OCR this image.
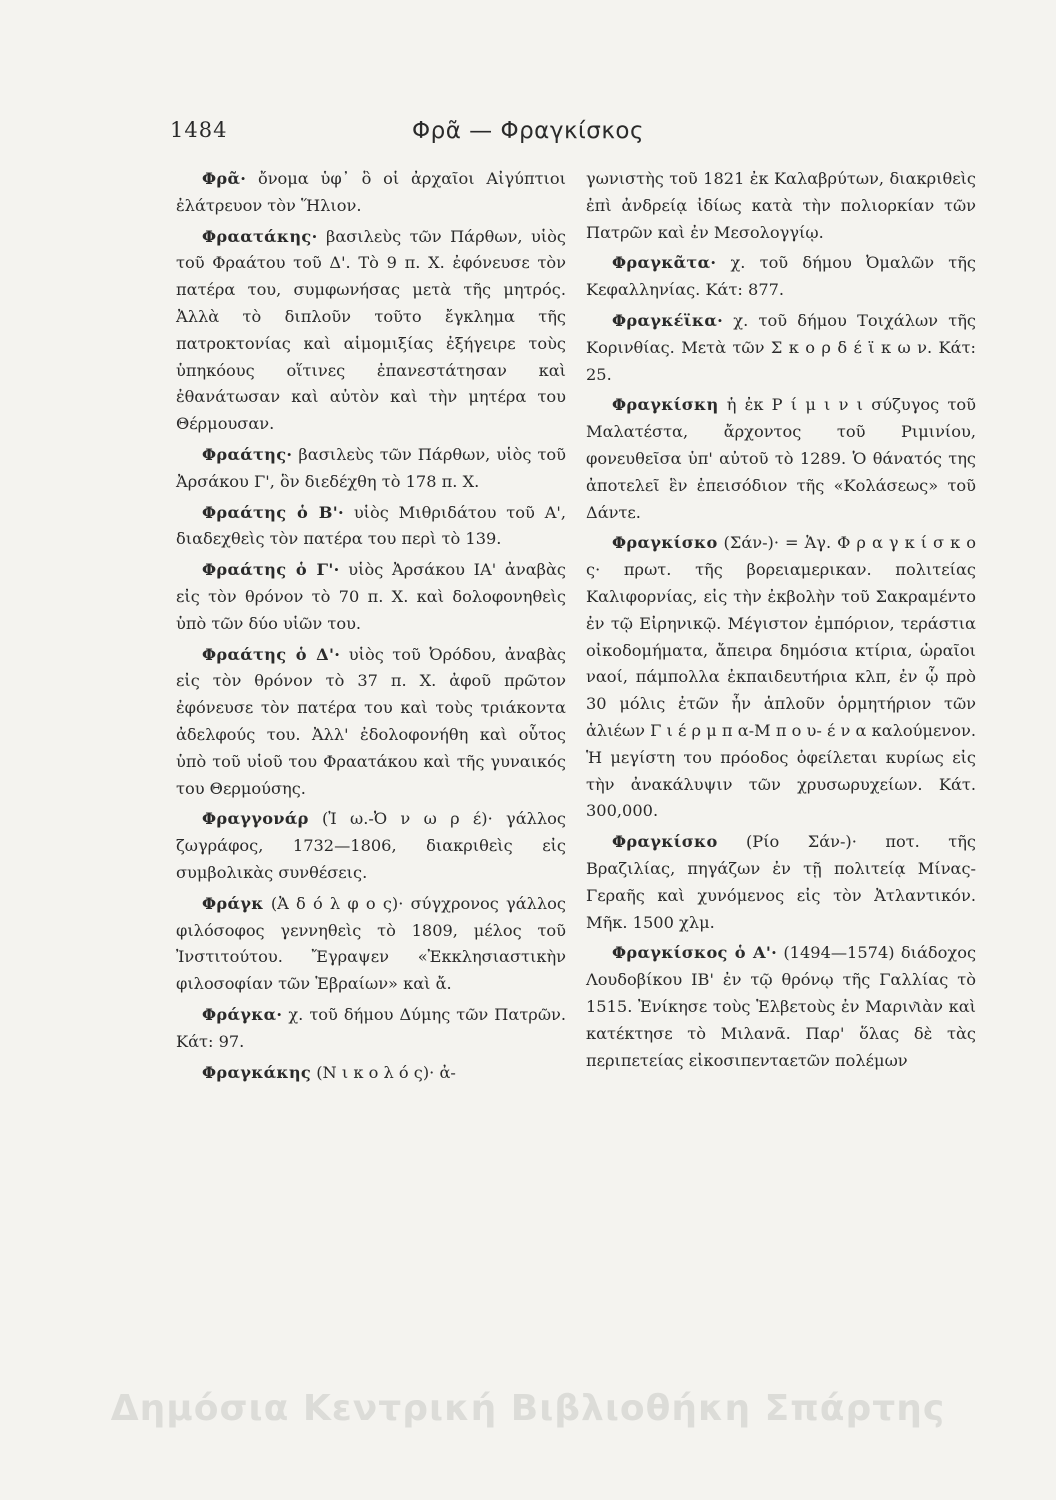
1484	Φρᾶ — Φραγκίσκος

Φρᾶ· ὄνομα ὑφ᾽ ὃ οἱ ἀρχαῖοι Αἰγύπτιοι ἐλάτρευον τὸν Ἥλιον.

Φραατάκης· βασιλεὺς τῶν Πάρθων, υἱὸς τοῦ Φραάτου τοῦ Δ'. Τὸ 9 π. Χ. ἐφόνευσε τὸν πατέρα του, συμφωνήσας μετὰ τῆς μητρός. Ἀλλὰ τὸ διπλοῦν τοῦτο ἔγκλημα τῆς πατροκτονίας καὶ αἱμομιξίας ἐξήγειρε τοὺς ὑπηκόους οἵτινες ἐπανεστάτησαν καὶ ἐθανάτωσαν καὶ αὐτὸν καὶ τὴν μητέρα του Θέρμουσαν.

Φραάτης· βασιλεὺς τῶν Πάρθων, υἱὸς τοῦ Ἀρσάκου Γ', ὃν διεδέχθη τὸ 178 π. Χ.

Φραάτης ὁ Β'· υἱὸς Μιθριδάτου τοῦ Α', διαδεχθεὶς τὸν πατέρα του περὶ τὸ 139.

Φραάτης ὁ Γ'· υἱὸς Ἀρσάκου ΙΑ' ἀναβὰς εἰς τὸν θρόνον τὸ 70 π. Χ. καὶ δολοφονηθεὶς ὑπὸ τῶν δύο υἱῶν του.

Φραάτης ὁ Δ'· υἱὸς τοῦ Ὀρόδου, ἀναβὰς εἰς τὸν θρόνον τὸ 37 π. Χ. ἀφοῦ πρῶτον ἐφόνευσε τὸν πατέρα του καὶ τοὺς τριάκοντα ἀδελφούς του. Ἀλλ' ἐδολοφονήθη καὶ οὗτος ὑπὸ τοῦ υἱοῦ του Φραατάκου καὶ τῆς γυναικός του Θερμούσης.

Φραγγονάρ (Ἰ ω.-Ὀ ν ω ρ έ)· γάλλος ζωγράφος, 1732—1806, διακριθεὶς εἰς συμβολικὰς συνθέσεις.

Φράγκ (Ἀ δ ό λ φ ο ς)· σύγχρονος γάλλος φιλόσοφος γεννηθεὶς τὸ 1809, μέλος τοῦ Ἰνστιτούτου. Ἔγραψεν «Ἐκκλησιαστικὴν φιλοσοφίαν τῶν Ἑβραίων» καὶ ἄ.

Φράγκα· χ. τοῦ δήμου Δύμης τῶν Πατρῶν. Κάτ: 97.

Φραγκάκης (Ν ι κ ο λ ό ς)· ἀ-

γωνιστὴς τοῦ 1821 ἐκ Καλαβρύτων, διακριθεὶς ἐπὶ ἀνδρείᾳ ἰδίως κατὰ τὴν πολιορκίαν τῶν Πατρῶν καὶ ἐν Μεσολογγίῳ.

Φραγκᾶτα· χ. τοῦ δήμου Ὀμαλῶν τῆς Κεφαλληνίας. Κάτ: 877.

Φραγκέϊκα· χ. τοῦ δήμου Τοιχάλων τῆς Κορινθίας. Μετὰ τῶν Σ κ ο ρ δ έ ϊ κ ω ν. Κάτ: 25.

Φραγκίσκη ἡ ἐκ Ρ ί μ ι ν ι σύζυγος τοῦ Μαλατέστα, ἄρχοντος τοῦ Ριμινίου, φονευθεῖσα ὑπ' αὐτοῦ τὸ 1289. Ὁ θάνατός της ἀποτελεῖ ἓν ἐπεισόδιον τῆς «Κολάσεως» τοῦ Δάντε.

Φραγκίσκο (Σάν-)· = Ἁγ. Φ ρ α γ κ ί σ κ ο ς· πρωτ. τῆς βορειαμερικαν. πολιτείας Καλιφορνίας, εἰς τὴν ἐκβολὴν τοῦ Σακραμέντο ἐν τῷ Εἰρηνικῷ. Μέγιστον ἐμπόριον, τεράστια οἰκοδομήματα, ἄπειρα δημόσια κτίρια, ὡραῖοι ναοί, πάμπολλα ἐκπαιδευτήρια κλπ, ἐν ᾧ πρὸ 30 μόλις ἐτῶν ἦν ἁπλοῦν ὁρμητήριον τῶν ἁλιέων Γ ι έ ρ μ π α-Μ π ο υ- έ ν α καλούμενον. Ἡ μεγίστη του πρόοδος ὀφείλεται κυρίως εἰς τὴν ἀνακάλυψιν τῶν χρυσωρυχείων. Κάτ. 300,000.

Φραγκίσκο (Ρίο Σάν-)· ποτ. τῆς Βραζιλίας, πηγάζων ἐν τῇ πολιτείᾳ Μίνας-Γεραῆς καὶ χυνόμενος εἰς τὸν Ἀτλαντικόν. Μῆκ. 1500 χλμ.

Φραγκίσκος ὁ Α'· (1494—1574) διάδοχος Λουδοβίκου ΙΒ' ἐν τῷ θρόνῳ τῆς Γαλλίας τὸ 1515. Ἐνίκησε τοὺς Ἑλβετοὺς ἐν Μαριν͂ιὰν καὶ κατέκτησε τὸ Μιλανᾶ. Παρ' ὅλας δὲ τὰς περιπετείας εἰκοσιπενταετῶν πολέμων

Δημόσια Κεντρική Βιβλιοθήκη Σπάρτης
